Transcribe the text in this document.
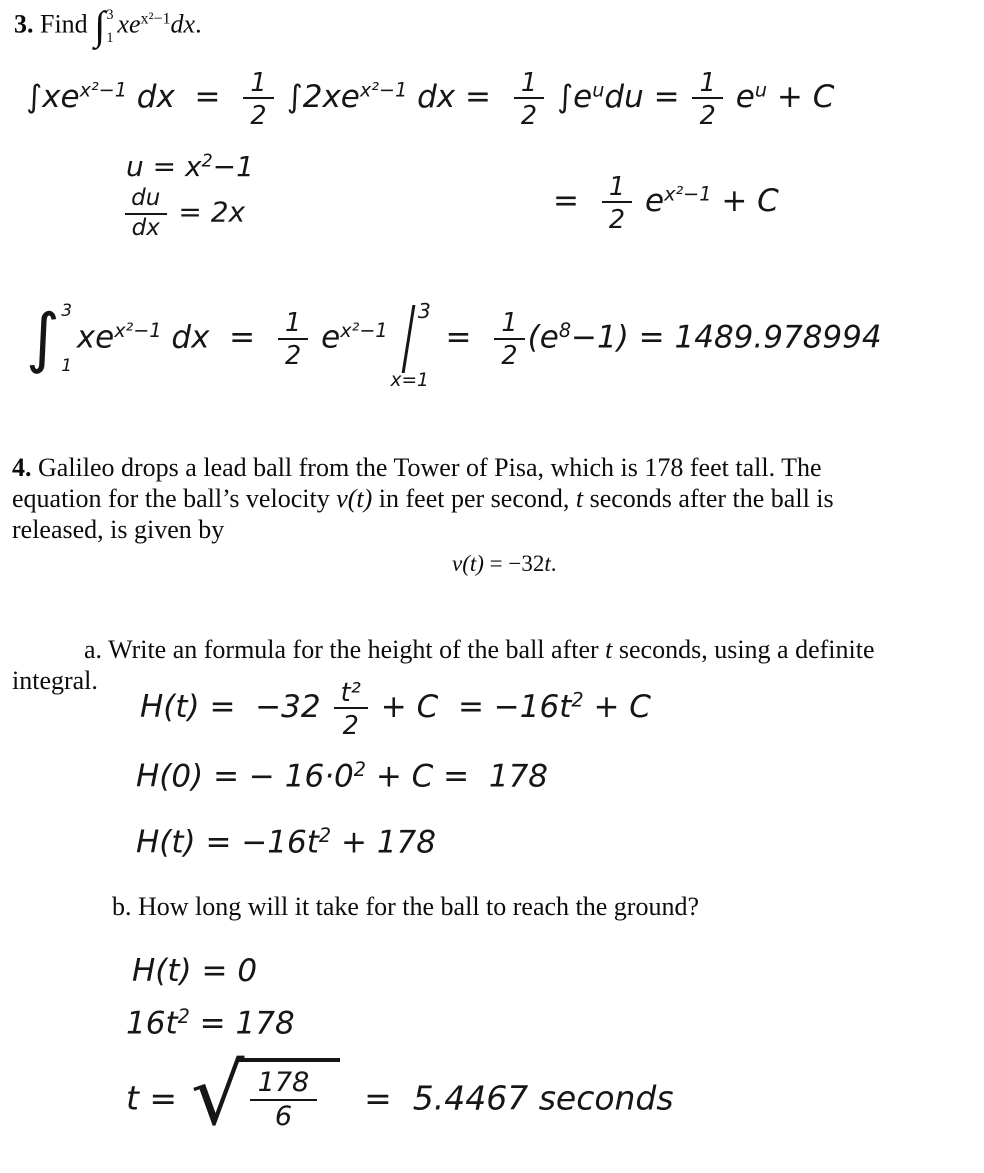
3. Find ∫ 3
1 $xe^{x^2-1}dx$.
$\int xe^{x^2-1}$ dx  = $\frac{1}{2} \int 2xe^{x^2-1}$ dx = $\frac{1}{2} \int e^udu = \frac{1}{2} e^u + C$
$u = x^2-1$
$\frac{du}{dx} = 2x$	= $\frac{1}{2} e^{x^2-1} + C$
∫ 3
1
$xe^{x^2-1}$ dx  = $\frac{1}{2} e^{x^2-1}$
3
x=1
= $\frac{1}{2} (e^8-1) = 1489.978994$
4. Galileo drops a lead ball from the Tower of Pisa, which is 178 feet tall. The
equation for the ball’s velocity v(t) in feet per second, t seconds after the ball is
released, is given by
v(t) = −32t.
a. Write an formula for the height of the ball after t seconds, using a definite
integral.
$H(t) = -32 \frac{\text{t²}}{2} + C = -16t^2 + C$
H(0) = − $16\cdot 0^2 + C = 178$
$H(t) = -16t^2 + 178$
b. How long will it take for the ball to reach the ground?
H(t) = 0
$16t^2 = 178$
t = √ $\frac{178}{6} = 5.4467$ seconds
